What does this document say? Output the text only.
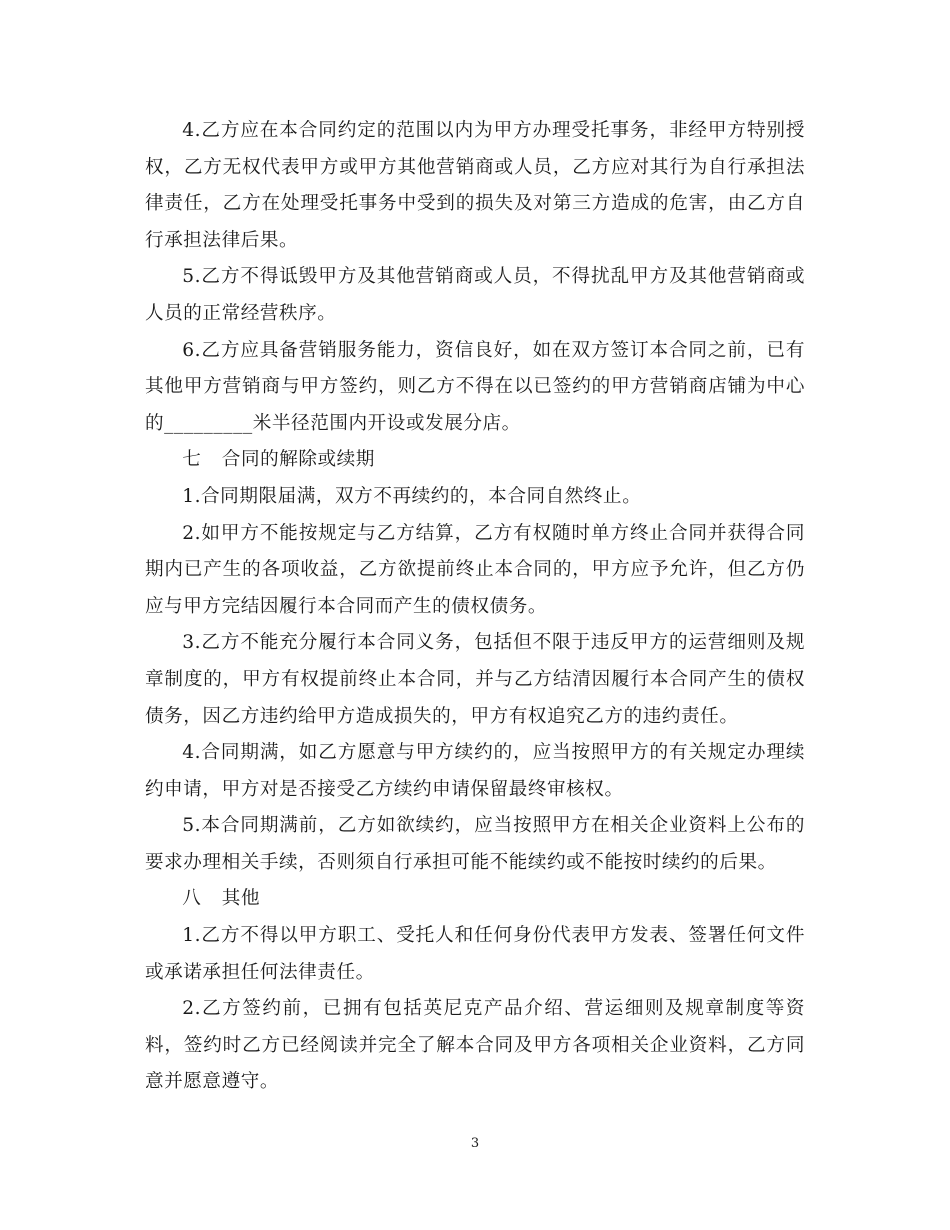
4.乙方应在本合同约定的范围以内为甲方办理受托事务，非经甲方特别授权，乙方无权代表甲方或甲方其他营销商或人员，乙方应对其行为自行承担法律责任，乙方在处理受托事务中受到的损失及对第三方造成的危害，由乙方自行承担法律后果。

5.乙方不得诋毁甲方及其他营销商或人员，不得扰乱甲方及其他营销商或人员的正常经营秩序。

6.乙方应具备营销服务能力，资信良好，如在双方签订本合同之前，已有其他甲方营销商与甲方签约，则乙方不得在以已签约的甲方营销商店铺为中心的_________米半径范围内开设或发展分店。

七 合同的解除或续期

1.合同期限届满，双方不再续约的，本合同自然终止。

2.如甲方不能按规定与乙方结算，乙方有权随时单方终止合同并获得合同期内已产生的各项收益，乙方欲提前终止本合同的，甲方应予允许，但乙方仍应与甲方完结因履行本合同而产生的债权债务。

3.乙方不能充分履行本合同义务，包括但不限于违反甲方的运营细则及规章制度的，甲方有权提前终止本合同，并与乙方结清因履行本合同产生的债权债务，因乙方违约给甲方造成损失的，甲方有权追究乙方的违约责任。

4.合同期满，如乙方愿意与甲方续约的，应当按照甲方的有关规定办理续约申请，甲方对是否接受乙方续约申请保留最终审核权。

5.本合同期满前，乙方如欲续约，应当按照甲方在相关企业资料上公布的要求办理相关手续，否则须自行承担可能不能续约或不能按时续约的后果。

八 其他

1.乙方不得以甲方职工、受托人和任何身份代表甲方发表、签署任何文件或承诺承担任何法律责任。

2.乙方签约前，已拥有包括英尼克产品介绍、营运细则及规章制度等资料，签约时乙方已经阅读并完全了解本合同及甲方各项相关企业资料，乙方同意并愿意遵守。

3
